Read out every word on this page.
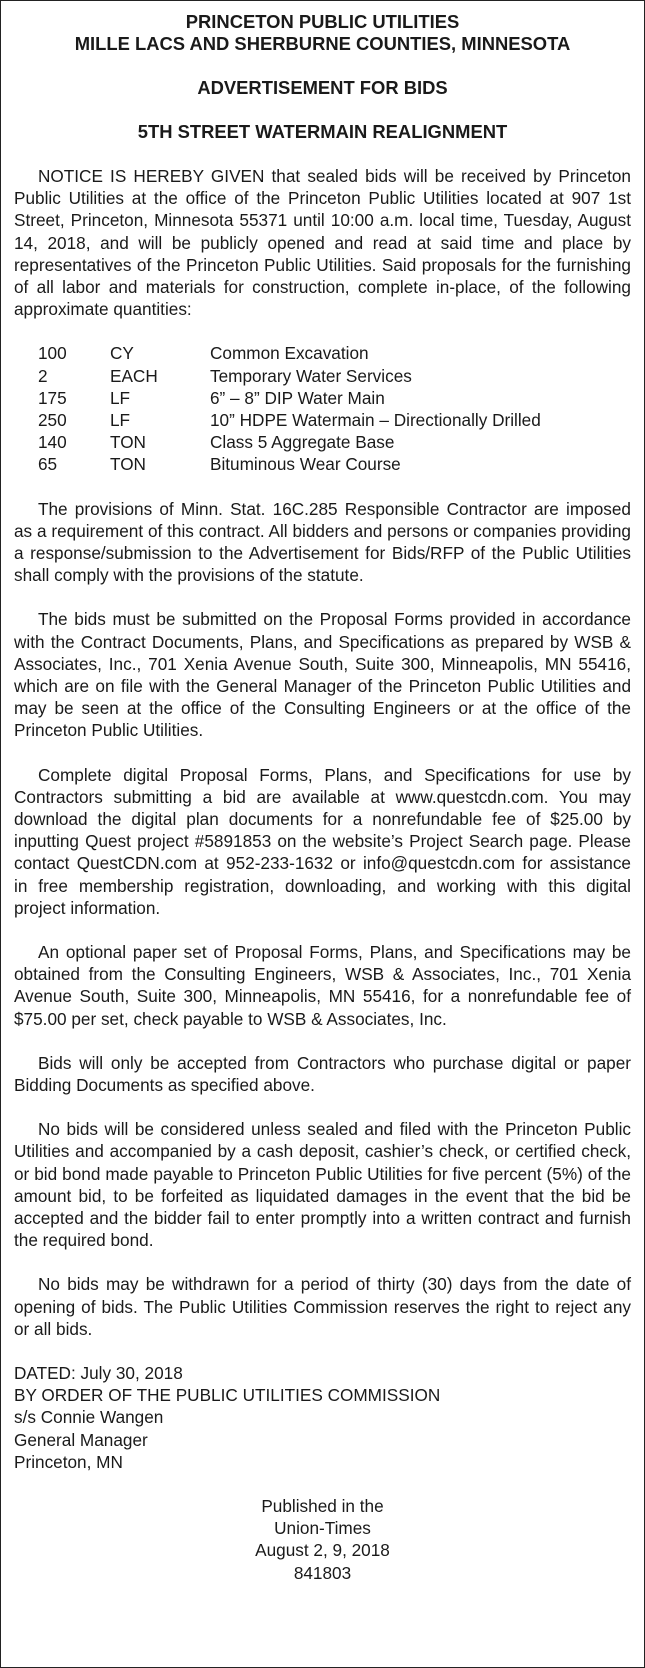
PRINCETON PUBLIC UTILITIES
MILLE LACS AND SHERBURNE COUNTIES, MINNESOTA
ADVERTISEMENT FOR BIDS
5TH STREET WATERMAIN REALIGNMENT

NOTICE IS HEREBY GIVEN that sealed bids will be received by Princeton Public Utilities at the office of the Princeton Public Utilities located at 907 1st Street, Princeton, Minnesota 55371 until 10:00 a.m. local time, Tuesday, August 14, 2018, and will be publicly opened and read at said time and place by representatives of the Princeton Public Utilities. Said proposals for the furnishing of all labor and materials for construction, complete in-place, of the following approximate quantities:

100	CY	Common Excavation
2	EACH	Temporary Water Services
175	LF	6” – 8” DIP Water Main
250	LF	10” HDPE Watermain – Directionally Drilled
140	TON	Class 5 Aggregate Base
65	TON	Bituminous Wear Course

The provisions of Minn. Stat. 16C.285 Responsible Contractor are imposed as a requirement of this contract. All bidders and persons or companies providing a response/submission to the Advertisement for Bids/RFP of the Public Utilities shall comply with the provisions of the statute.

The bids must be submitted on the Proposal Forms provided in accordance with the Contract Documents, Plans, and Specifications as prepared by WSB & Associates, Inc., 701 Xenia Avenue South, Suite 300, Minneapolis, MN 55416, which are on file with the General Manager of the Princeton Public Utilities and may be seen at the office of the Consulting Engineers or at the office of the Princeton Public Utilities.

Complete digital Proposal Forms, Plans, and Specifications for use by Contractors submitting a bid are available at www.questcdn.com. You may download the digital plan documents for a nonrefundable fee of $25.00 by inputting Quest project #5891853 on the website’s Project Search page. Please contact QuestCDN.com at 952-233-1632 or info@​questcdn.com for assistance in free membership registration, downloading, and working with this digital project information.

An optional paper set of Proposal Forms, Plans, and Specifications may be obtained from the Consulting Engineers, WSB & Associates, Inc., 701 Xenia Avenue South, Suite 300, Minneapolis, MN 55416, for a nonrefundable fee of $75.00 per set, check payable to WSB & Associates, Inc.

Bids will only be accepted from Contractors who purchase digital or paper Bidding Documents as specified above.

No bids will be considered unless sealed and filed with the Princeton Public Utilities and accompanied by a cash deposit, cashier’s check, or certified check, or bid bond made payable to Princeton Public Utilities for five percent (5%) of the amount bid, to be forfeited as liquidated damages in the event that the bid be accepted and the bidder fail to enter promptly into a written contract and furnish the required bond.

No bids may be withdrawn for a period of thirty (30) days from the date of opening of bids. The Public Utilities Commission reserves the right to reject any or all bids.

DATED: July 30, 2018

BY ORDER OF THE PUBLIC UTILITIES COMMISSION

s/s Connie Wangen

General Manager

Princeton, MN

Published in the

Union-Times

August 2, 9, 2018

841803
